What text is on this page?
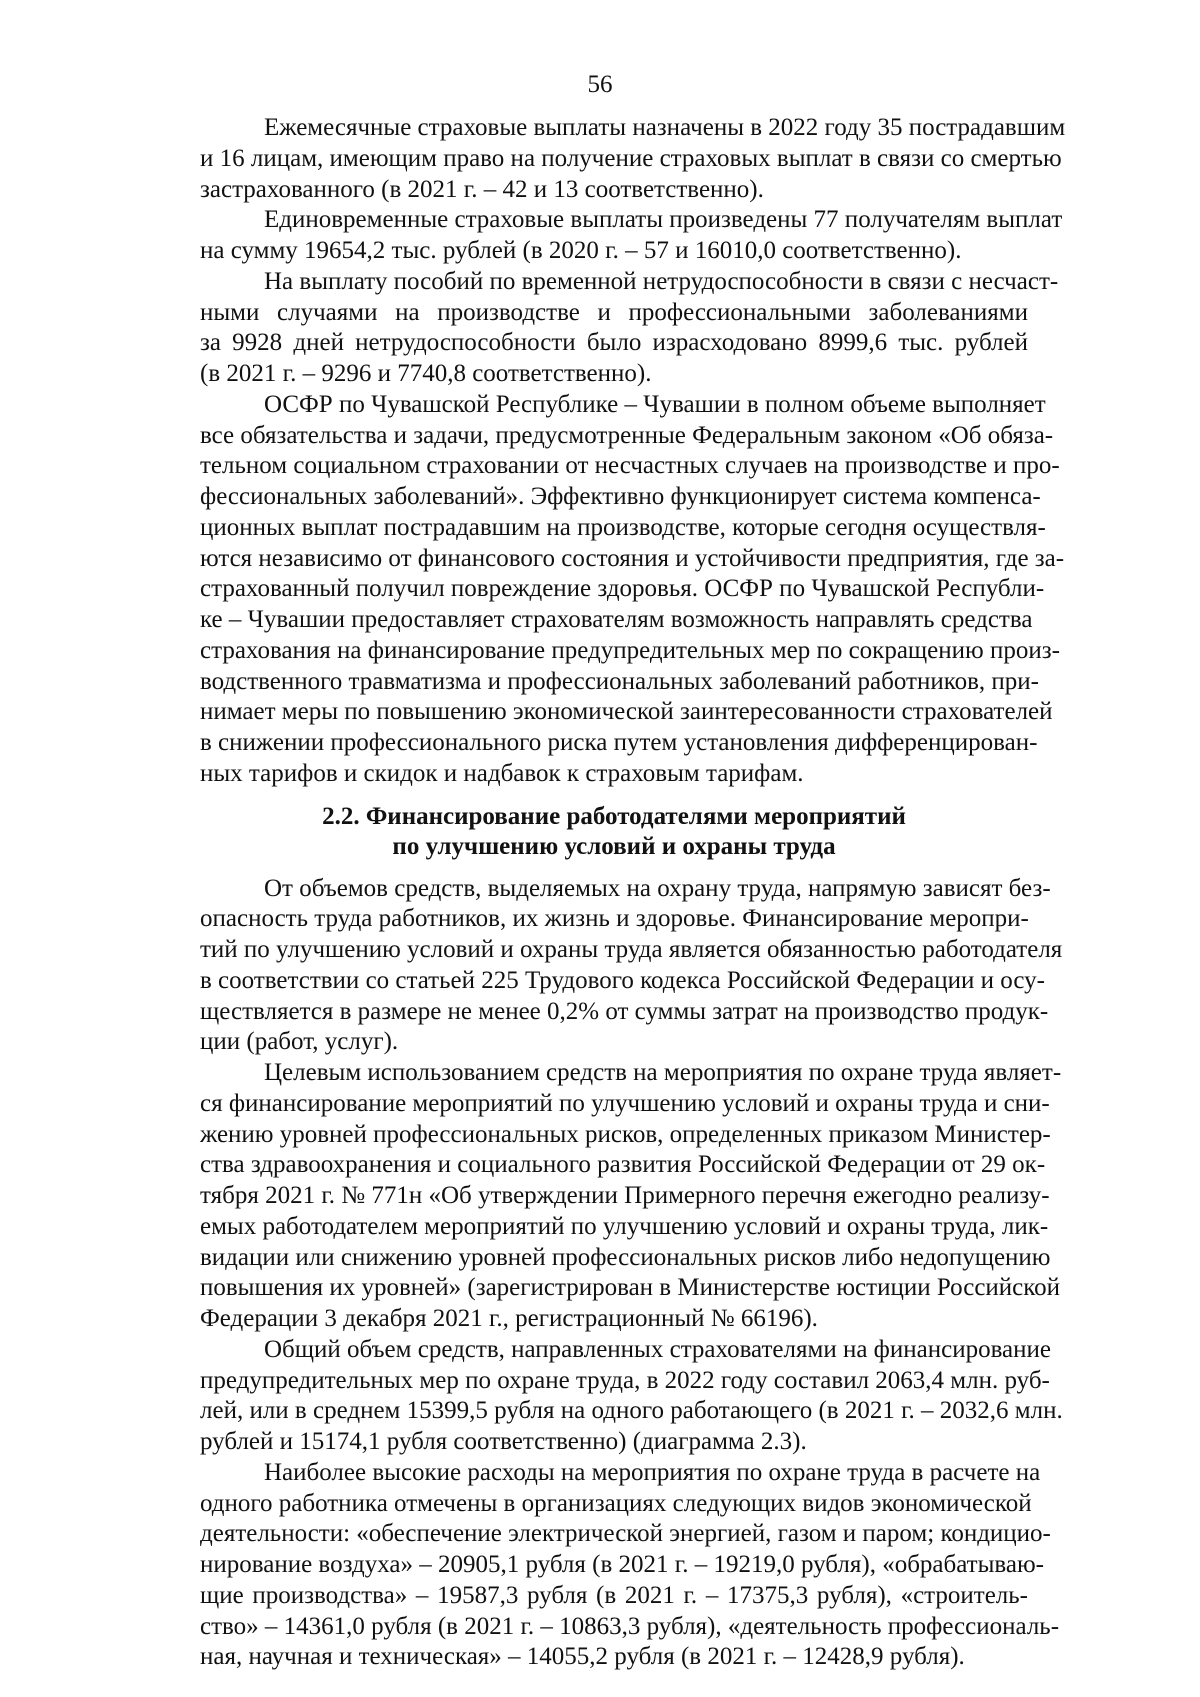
56
Ежемесячные страховые выплаты назначены в 2022 году 35 пострадавшим
и 16 лицам, имеющим право на получение страховых выплат в связи со смертью
застрахованного (в 2021 г. – 42 и 13 соответственно).
Единовременные страховые выплаты произведены 77 получателям выплат
на сумму 19654,2 тыс. рублей (в 2020 г. – 57 и 16010,0 соответственно).
На выплату пособий по временной нетрудоспособности в связи с несчаст-
ными случаями на производстве и профессиональными заболеваниями
за 9928 дней нетрудоспособности было израсходовано 8999,6 тыс. рублей
(в 2021 г. – 9296 и 7740,8 соответственно).
ОСФР по Чувашской Республике – Чувашии в полном объеме выполняет
все обязательства и задачи, предусмотренные Федеральным законом «Об обяза-
тельном социальном страховании от несчастных случаев на производстве и про-
фессиональных заболеваний». Эффективно функционирует система компенса-
ционных выплат пострадавшим на производстве, которые сегодня осуществля-
ются независимо от финансового состояния и устойчивости предприятия, где за-
страхованный получил повреждение здоровья. ОСФР по Чувашской Республи-
ке – Чувашии предоставляет страхователям возможность направлять средства
страхования на финансирование предупредительных мер по сокращению произ-
водственного травматизма и профессиональных заболеваний работников, при-
нимает меры по повышению экономической заинтересованности страхователей
в снижении профессионального риска путем установления дифференцирован-
ных тарифов и скидок и надбавок к страховым тарифам.
2.2. Финансирование работодателями мероприятий
по улучшению условий и охраны труда
От объемов средств, выделяемых на охрану труда, напрямую зависят без-
опасность труда работников, их жизнь и здоровье. Финансирование меропри-
тий по улучшению условий и охраны труда является обязанностью работодателя
в соответствии со статьей 225 Трудового кодекса Российской Федерации и осу-
ществляется в размере не менее 0,2% от суммы затрат на производство продук-
ции (работ, услуг).
Целевым использованием средств на мероприятия по охране труда являет-
ся финансирование мероприятий по улучшению условий и охраны труда и сни-
жению уровней профессиональных рисков, определенных приказом Министер-
ства здравоохранения и социального развития Российской Федерации от 29 ок-
тября 2021 г. № 771н «Об утверждении Примерного перечня ежегодно реализу-
емых работодателем мероприятий по улучшению условий и охраны труда, лик-
видации или снижению уровней профессиональных рисков либо недопущению
повышения их уровней» (зарегистрирован в Министерстве юстиции Российской
Федерации 3 декабря 2021 г., регистрационный № 66196).
Общий объем средств, направленных страхователями на финансирование
предупредительных мер по охране труда, в 2022 году составил 2063,4 млн. руб-
лей, или в среднем 15399,5 рубля на одного работающего (в 2021 г. – 2032,6 млн.
рублей и 15174,1 рубля соответственно) (диаграмма 2.3).
Наиболее высокие расходы на мероприятия по охране труда в расчете на
одного работника отмечены в организациях следующих видов экономической
деятельности: «обеспечение электрической энергией, газом и паром; кондицио-
нирование воздуха» – 20905,1 рубля (в 2021 г. – 19219,0 рубля), «обрабатываю-
щие производства» – 19587,3 рубля (в 2021 г. – 17375,3 рубля), «строитель-
ство» – 14361,0 рубля (в 2021 г. – 10863,3 рубля), «деятельность профессиональ-
ная, научная и техническая» – 14055,2 рубля (в 2021 г. – 12428,9 рубля).
